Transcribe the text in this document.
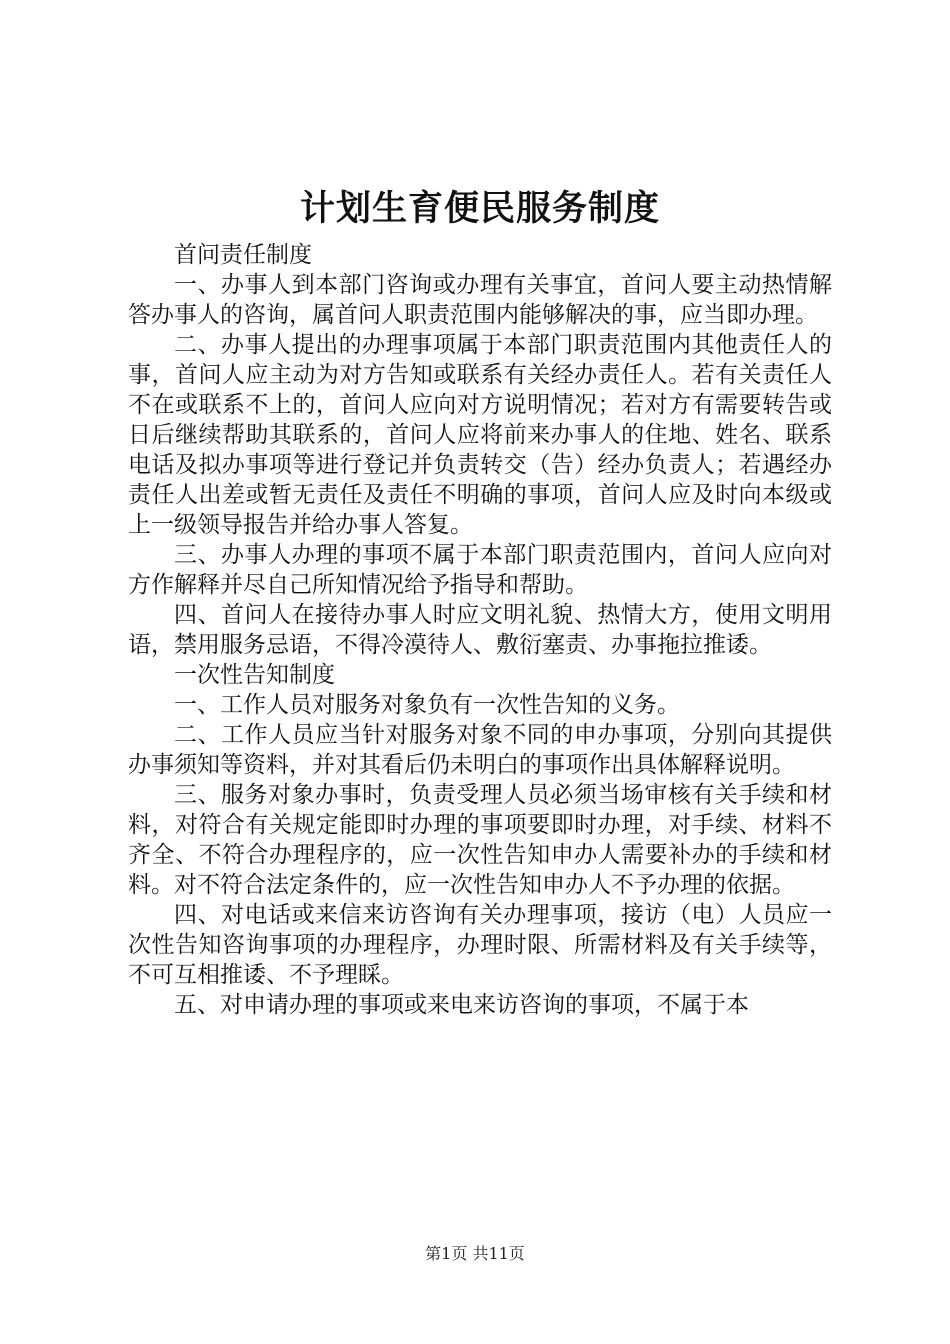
计划生育便民服务制度

首问责任制度

一、办事人到本部门咨询或办理有关事宜，首问人要主动热情解答办事人的咨询，属首问人职责范围内能够解决的事，应当即办理。

二、办事人提出的办理事项属于本部门职责范围内其他责任人的事，首问人应主动为对方告知或联系有关经办责任人。若有关责任人不在或联系不上的，首问人应向对方说明情况；若对方有需要转告或日后继续帮助其联系的，首问人应将前来办事人的住地、姓名、联系电话及拟办事项等进行登记并负责转交（告）经办负责人；若遇经办责任人出差或暂无责任及责任不明确的事项，首问人应及时向本级或上一级领导报告并给办事人答复。

三、办事人办理的事项不属于本部门职责范围内，首问人应向对方作解释并尽自己所知情况给予指导和帮助。

四、首问人在接待办事人时应文明礼貌、热情大方，使用文明用语，禁用服务忌语，不得冷漠待人、敷衍塞责、办事拖拉推诿。

一次性告知制度

一、工作人员对服务对象负有一次性告知的义务。

二、工作人员应当针对服务对象不同的申办事项，分别向其提供办事须知等资料，并对其看后仍未明白的事项作出具体解释说明。

三、服务对象办事时，负责受理人员必须当场审核有关手续和材料，对符合有关规定能即时办理的事项要即时办理，对手续、材料不齐全、不符合办理程序的，应一次性告知申办人需要补办的手续和材料。对不符合法定条件的，应一次性告知申办人不予办理的依据。

四、对电话或来信来访咨询有关办理事项，接访（电）人员应一次性告知咨询事项的办理程序，办理时限、所需材料及有关手续等，不可互相推诿、不予理睬。

五、对申请办理的事项或来电来访咨询的事项，不属于本

第1页 共11页
